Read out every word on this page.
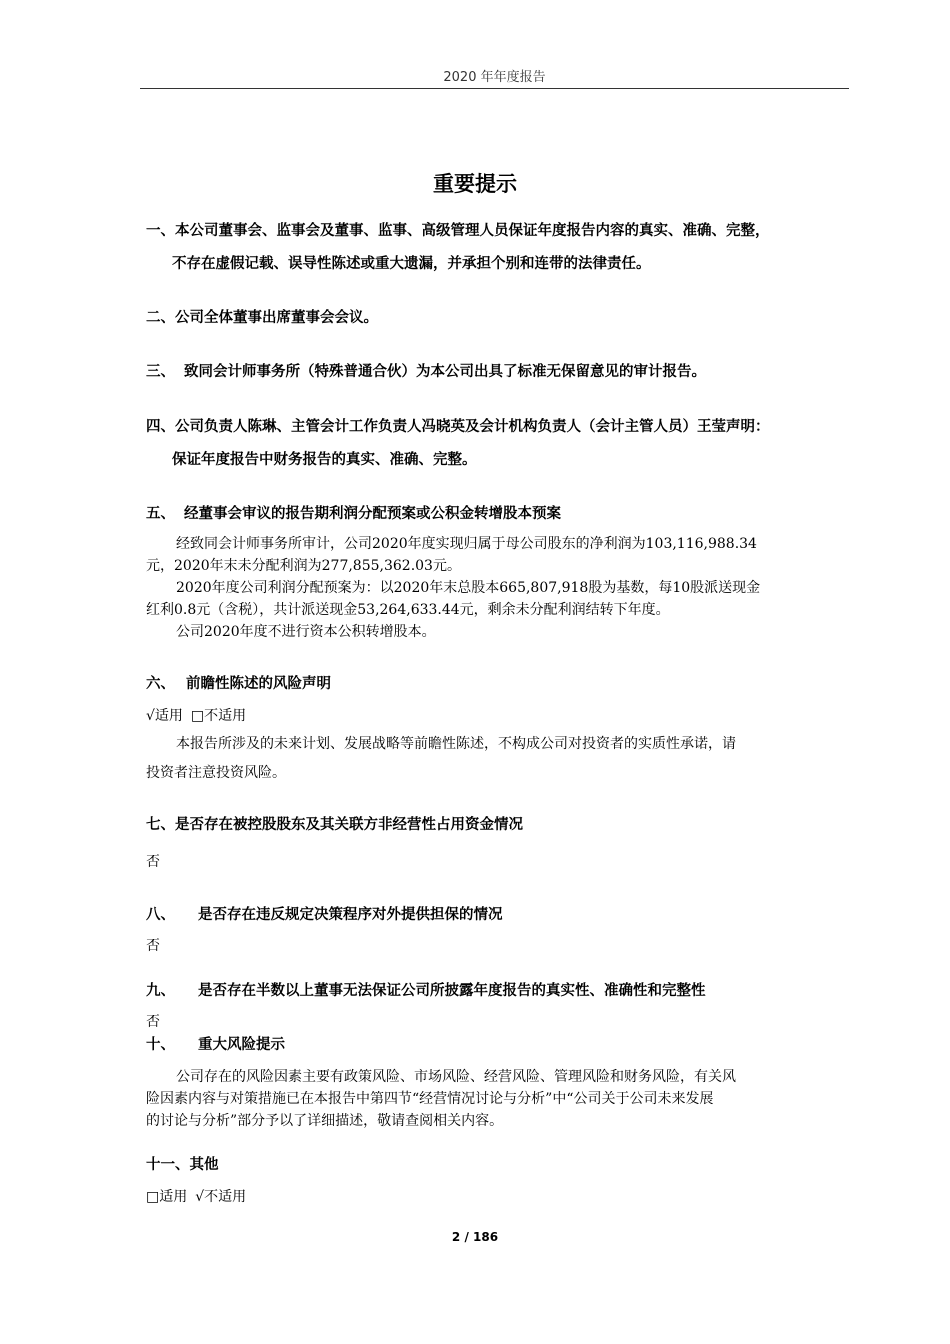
2020 年年度报告
重要提示
一、本公司董事会、监事会及董事、监事、高级管理人员保证年度报告内容的真实、准确、完整，
不存在虚假记载、误导性陈述或重大遗漏，并承担个别和连带的法律责任。
二、公司全体董事出席董事会会议。
三、 致同会计师事务所（特殊普通合伙）为本公司出具了标准无保留意见的审计报告。
四、公司负责人陈琳、主管会计工作负责人冯晓英及会计机构负责人（会计主管人员）王莹声明：
保证年度报告中财务报告的真实、准确、完整。
五、 经董事会审议的报告期利润分配预案或公积金转增股本预案
经致同会计师事务所审计，公司2020年度实现归属于母公司股东的净利润为103,116,988.34
元，2020年末未分配利润为277,855,362.03元。
2020年度公司利润分配预案为：以2020年末总股本665,807,918股为基数，每10股派送现金
红利0.8元（含税），共计派送现金53,264,633.44元，剩余未分配利润结转下年度。
公司2020年度不进行资本公积转增股本。
六、 前瞻性陈述的风险声明
√适用 □不适用
本报告所涉及的未来计划、发展战略等前瞻性陈述，不构成公司对投资者的实质性承诺，请
投资者注意投资风险。
七、是否存在被控股股东及其关联方非经营性占用资金情况
否
八、 是否存在违反规定决策程序对外提供担保的情况
否
九、 是否存在半数以上董事无法保证公司所披露年度报告的真实性、准确性和完整性
否
十、 重大风险提示
公司存在的风险因素主要有政策风险、市场风险、经营风险、管理风险和财务风险，有关风
险因素内容与对策措施已在本报告中第四节“经营情况讨论与分析”中“公司关于公司未来发展
的讨论与分析”部分予以了详细描述，敬请查阅相关内容。
十一、其他
□适用 √不适用
2 / 186
